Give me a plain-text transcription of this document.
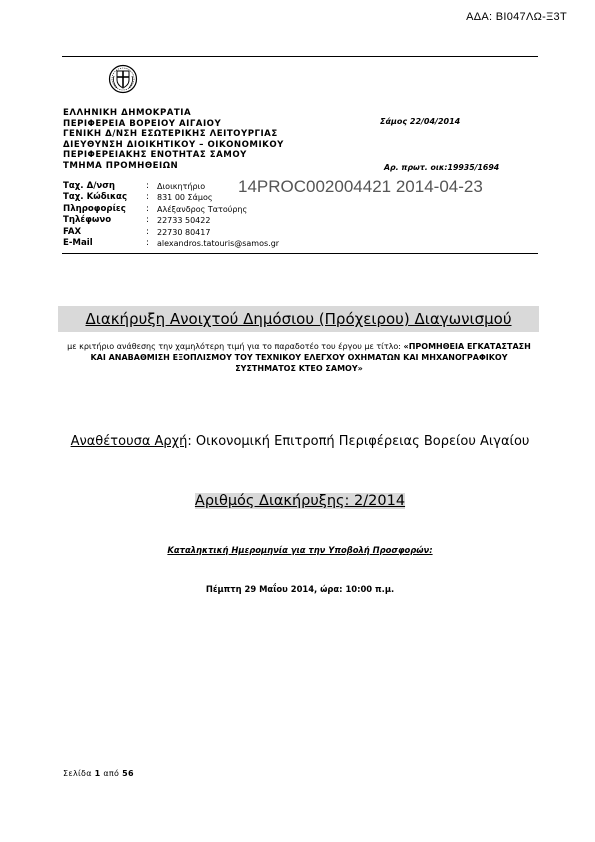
ΑΔΑ: ΒΙ047ΛΩ-Ξ3Τ
ΕΛΛΗΝΙΚΗ ΔΗΜΟΚΡΑΤΙΑ
ΠΕΡΙΦΕΡΕΙΑ ΒΟΡΕΙΟΥ ΑΙΓΑΙΟΥ
ΓΕΝΙΚΗ Δ/ΝΣΗ ΕΣΩΤΕΡΙΚΗΣ ΛΕΙΤΟΥΡΓΙΑΣ
ΔΙΕΥΘΥΝΣΗ ΔΙΟΙΚΗΤΙΚΟΥ – ΟΙΚΟΝΟΜΙΚΟΥ
ΠΕΡΙΦΕΡΕΙΑΚΗΣ ΕΝΟΤΗΤΑΣ ΣΑΜΟΥ
ΤΜΗΜΑ ΠΡΟΜΗΘΕΙΩΝ
Σάμος 22/04/2014
Αρ. πρωτ. οικ:19935/1694
14PROC002004421 2014-04-23
Ταχ. Δ/νση	:	Διοικητήριο
Ταχ. Κώδικας	:	831 00 Σάμος
Πληροφορίες	:	Αλέξανδρος Τατούρης
Τηλέφωνο	:	22733 50422
FAX	:	22730 80417
E-Mail	:	alexandros.tatouris@samos.gr
Διακήρυξη Ανοιχτού Δημόσιου (Πρόχειρου) Διαγωνισμού
με κριτήριο ανάθεσης την χαμηλότερη τιμή για το παραδοτέο του έργου με τίτλο: «ΠΡΟΜΗΘΕΙΑ ΕΓΚΑΤΑΣΤΑΣΗ ΚΑΙ ΑΝΑΒΑΘΜΙΣΗ ΕΞΟΠΛΙΣΜΟΥ ΤΟΥ ΤΕΧΝΙΚΟΥ ΕΛΕΓΧΟΥ ΟΧΗΜΑΤΩΝ ΚΑΙ ΜΗΧΑΝΟΓΡΑΦΙΚΟΥ ΣΥΣΤΗΜΑΤΟΣ ΚΤΕΟ ΣΑΜΟΥ»
Αναθέτουσα Αρχή: Οικονομική Επιτροπή Περιφέρειας Βορείου Αιγαίου
Αριθμός Διακήρυξης: 2/2014
Καταληκτική Ημερομηνία για την Υποβολή Προσφορών:
Πέμπτη 29 Μαΐου 2014, ώρα: 10:00 π.μ.
Σελίδα 1 από 56
